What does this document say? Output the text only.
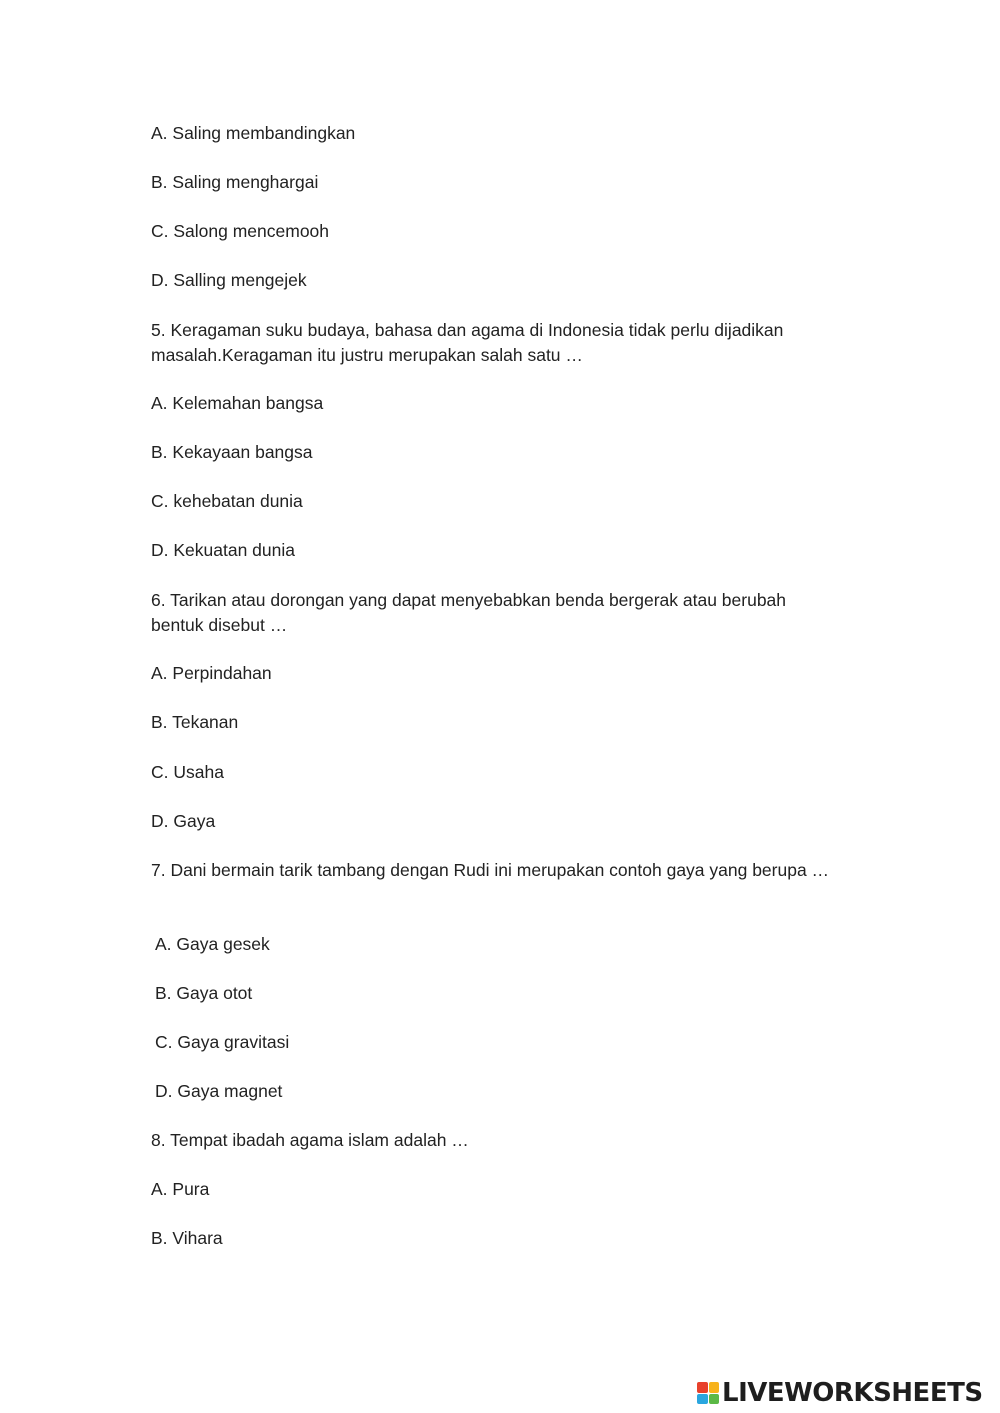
A. Saling membandingkan
B. Saling menghargai
C. Salong mencemooh
D. Salling mengejek
5. Keragaman suku budaya, bahasa dan agama di Indonesia tidak perlu dijadikan masalah.Keragaman itu justru merupakan salah satu …
A. Kelemahan bangsa
B. Kekayaan bangsa
C. kehebatan dunia
D. Kekuatan dunia
6. Tarikan atau dorongan yang dapat menyebabkan benda bergerak atau berubah bentuk disebut …
A. Perpindahan
B. Tekanan
C. Usaha
D. Gaya
7. Dani bermain tarik tambang dengan Rudi ini merupakan contoh gaya yang berupa …
A. Gaya gesek
B. Gaya otot
C. Gaya gravitasi
D. Gaya magnet
8. Tempat ibadah agama islam adalah …
A. Pura
B. Vihara
LIVEWORKSHEETS
